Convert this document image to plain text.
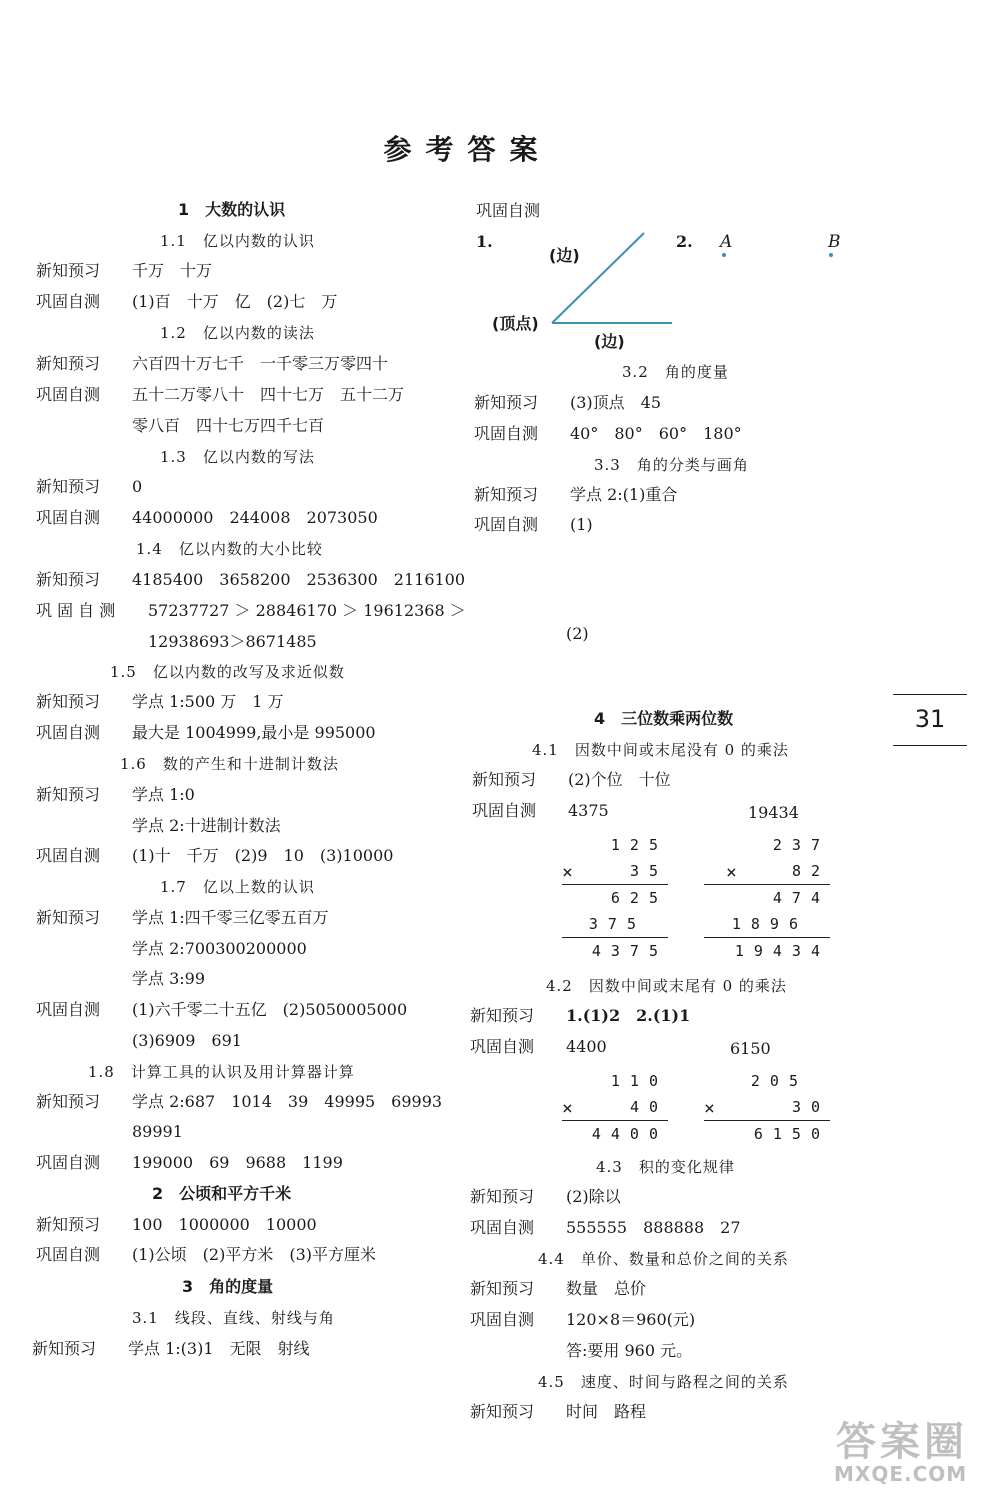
参考答案
1　大数的认识
1.1　亿以内数的认识
新知预习 千万　十万
巩固自测 (1)百　十万　亿　(2)七　万
1.2　亿以内数的读法
新知预习 六百四十万七千　一千零三万零四十
巩固自测 五十二万零八十　四十七万　五十二万
零八百　四十七万四千七百
1.3　亿以内数的写法
新知预习 0
巩固自测 44000000　244008　2073050
1.4　亿以内数的大小比较
新知预习 4185400　3658200　2536300　2116100
巩 固 自 测 57237727 ＞ 28846170 ＞ 19612368 ＞
12938693＞8671485
1.5　亿以内数的改写及求近似数
新知预习 学点 1:500 万　1 万
巩固自测 最大是 1004999,最小是 995000
1.6　数的产生和十进制计数法
新知预习 学点 1:0
学点 2:十进制计数法
巩固自测 (1)十　千万　(2)9　10　(3)10000
1.7　亿以上数的认识
新知预习 学点 1:四千零三亿零五百万
学点 2:700300200000
学点 3:99
巩固自测 (1)六千零二十五亿　(2)5050005000
(3)6909　691
1.8　计算工具的认识及用计算器计算
新知预习 学点 2:687　1014　39　49995　69993
89991
巩固自测 199000　69　9688　1199
2　公顷和平方千米
新知预习 100　1000000　10000
巩固自测 (1)公顷　(2)平方米　(3)平方厘米
3　角的度量
3.1　线段、直线、射线与角
新知预习 学点 1:(3)1　无限　射线
巩固自测
1.
(边)
(顶点)
(边)
2. A	B
3.2　角的度量
新知预习 (3)顶点　45
巩固自测 40°　80°　60°　180°
3.3　角的分类与画角
新知预习 学点 2:(1)重合
巩固自测 (1)
(2)
4　三位数乘两位数
4.1　因数中间或末尾没有 0 的乘法
新知预习 (2)个位　十位
巩固自测 4375	19434
125
×	35
625
375
4375
237
×	82
474
1896
19434
4.2　因数中间或末尾有 0 的乘法
新知预习 1.(1)2　2.(1)1
巩固自测 4400	6150
110
×	40
4400
205
×	30
6150
4.3　积的变化规律
新知预习 (2)除以
巩固自测 555555　888888　27
4.4　单价、数量和总价之间的关系
新知预习 数量　总价
巩固自测 120×8＝960(元)
答:要用 960 元。
4.5　速度、时间与路程之间的关系
新知预习 时间　路程
31
答案圈
MXQE.COM
